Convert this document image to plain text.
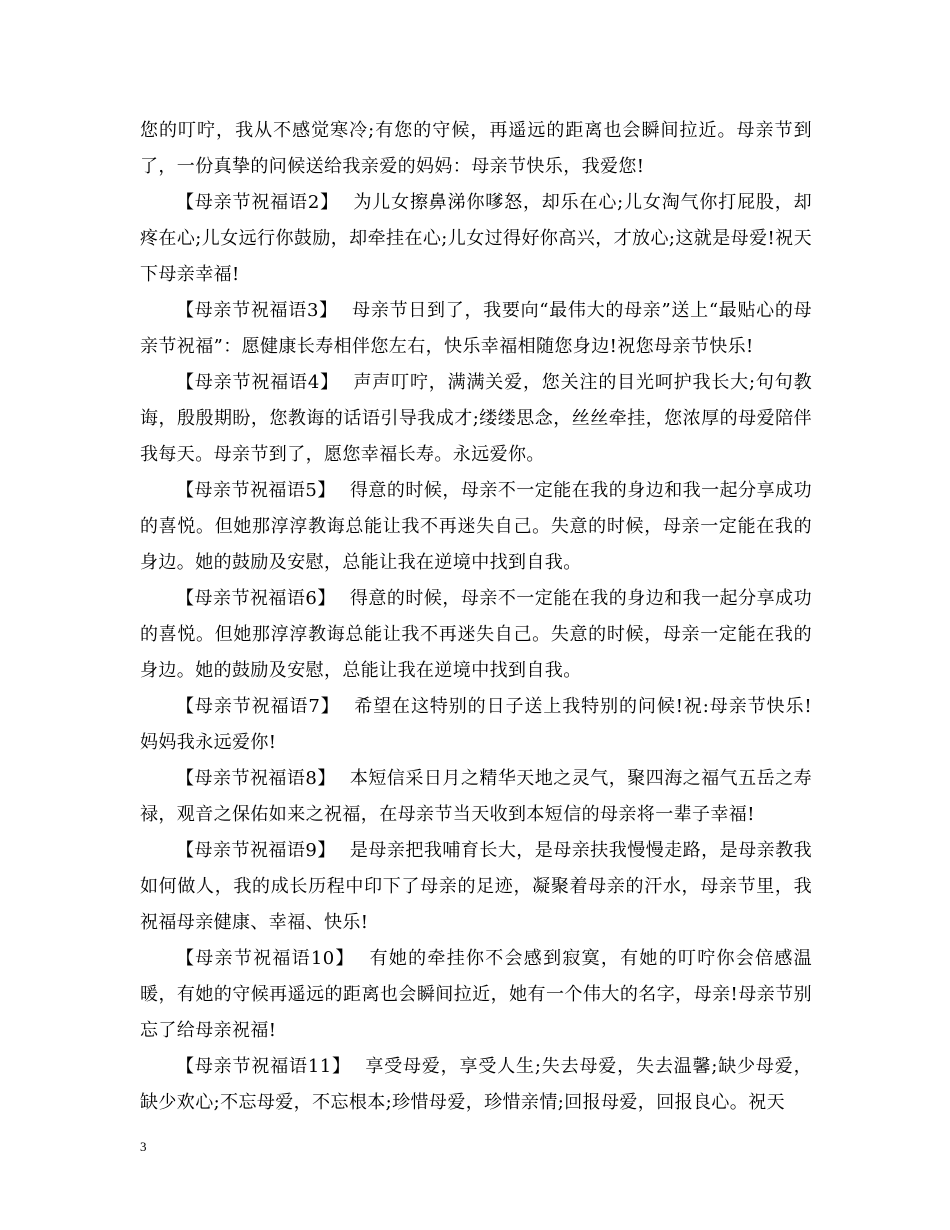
您的叮咛，我从不感觉寒冷;有您的守候，再遥远的距离也会瞬间拉近。母亲节到了，一份真挚的问候送给我亲爱的妈妈：母亲节快乐，我爱您!

【母亲节祝福语2】 为儿女擦鼻涕你嗲怒，却乐在心;儿女淘气你打屁股，却疼在心;儿女远行你鼓励，却牵挂在心;儿女过得好你高兴，才放心;这就是母爱!祝天下母亲幸福!

【母亲节祝福语3】 母亲节日到了，我要向“最伟大的母亲”送上“最贴心的母亲节祝福”：愿健康长寿相伴您左右，快乐幸福相随您身边!祝您母亲节快乐!

【母亲节祝福语4】 声声叮咛，满满关爱，您关注的目光呵护我长大;句句教诲，殷殷期盼，您教诲的话语引导我成才;缕缕思念，丝丝牵挂，您浓厚的母爱陪伴我每天。母亲节到了，愿您幸福长寿。永远爱你。

【母亲节祝福语5】 得意的时候，母亲不一定能在我的身边和我一起分享成功的喜悦。但她那淳淳教诲总能让我不再迷失自己。失意的时候，母亲一定能在我的身边。她的鼓励及安慰，总能让我在逆境中找到自我。

【母亲节祝福语6】 得意的时候，母亲不一定能在我的身边和我一起分享成功的喜悦。但她那淳淳教诲总能让我不再迷失自己。失意的时候，母亲一定能在我的身边。她的鼓励及安慰，总能让我在逆境中找到自我。

【母亲节祝福语7】 希望在这特别的日子送上我特别的问候!祝:母亲节快乐!妈妈我永远爱你!

【母亲节祝福语8】 本短信采日月之精华天地之灵气，聚四海之福气五岳之寿禄，观音之保佑如来之祝福，在母亲节当天收到本短信的母亲将一辈子幸福!

【母亲节祝福语9】 是母亲把我哺育长大，是母亲扶我慢慢走路，是母亲教我如何做人，我的成长历程中印下了母亲的足迹，凝聚着母亲的汗水，母亲节里，我祝福母亲健康、幸福、快乐!

【母亲节祝福语10】 有她的牵挂你不会感到寂寞，有她的叮咛你会倍感温暖，有她的守候再遥远的距离也会瞬间拉近，她有一个伟大的名字，母亲!母亲节别忘了给母亲祝福!

【母亲节祝福语11】 享受母爱，享受人生;失去母爱，失去温馨;缺少母爱，缺少欢心;不忘母爱，不忘根本;珍惜母爱，珍惜亲情;回报母爱，回报良心。祝天

3
